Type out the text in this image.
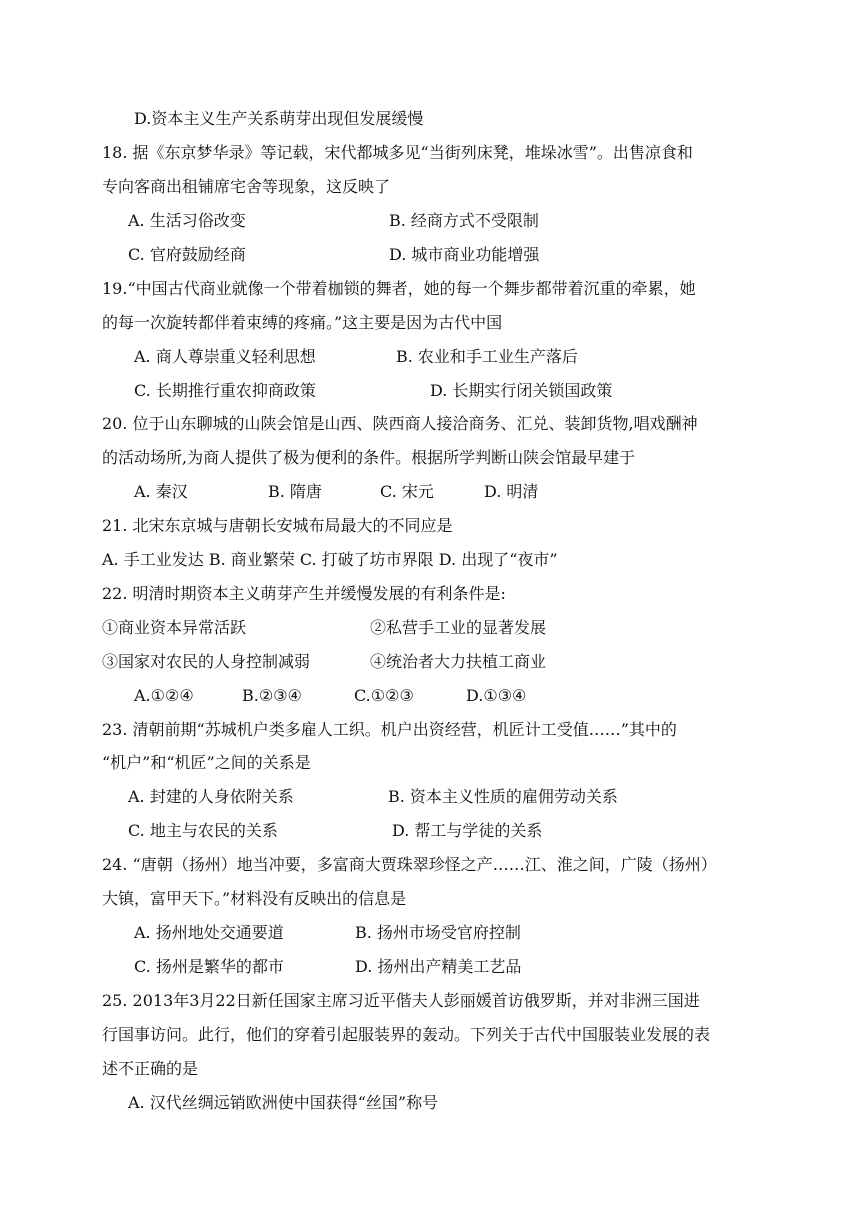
D.资本主义生产关系萌芽出现但发展缓慢
18. 据《东京梦华录》等记载，宋代都城多见“当街列床凳，堆垛冰雪”。出售凉食和
专向客商出租铺席宅舍等现象，这反映了
A. 生活习俗改变	B. 经商方式不受限制
C. 官府鼓励经商	D. 城市商业功能增强
19.“中国古代商业就像一个带着枷锁的舞者，她的每一个舞步都带着沉重的牵累，她
的每一次旋转都伴着束缚的疼痛。”这主要是因为古代中国
A. 商人尊崇重义轻利思想	B. 农业和手工业生产落后
C. 长期推行重农抑商政策	D. 长期实行闭关锁国政策
20. 位于山东聊城的山陕会馆是山西、陕西商人接洽商务、汇兑、装卸货物,唱戏酬神
的活动场所,为商人提供了极为便利的条件。根据所学判断山陕会馆最早建于
A. 秦汉	B. 隋唐	C. 宋元	D. 明清
21. 北宋东京城与唐朝长安城布局最大的不同应是
A. 手工业发达 B. 商业繁荣 C. 打破了坊市界限 D. 出现了“夜市”
22. 明清时期资本主义萌芽产生并缓慢发展的有利条件是:
①商业资本异常活跃	②私营手工业的显著发展
③国家对农民的人身控制减弱	④统治者大力扶植工商业
A.①②④	B.②③④	C.①②③	D.①③④
23. 清朝前期“苏城机户类多雇人工织。机户出资经营，机匠计工受值……”其中的
“机户”和“机匠”之间的关系是
A. 封建的人身依附关系	B. 资本主义性质的雇佣劳动关系
C. 地主与农民的关系	D. 帮工与学徒的关系
24. “唐朝（扬州）地当冲要，多富商大贾珠翠珍怪之产……江、淮之间，广陵（扬州）
大镇，富甲天下。”材料没有反映出的信息是
A. 扬州地处交通要道	B. 扬州市场受官府控制
C. 扬州是繁华的都市	D. 扬州出产精美工艺品
25. 2013年3月22日新任国家主席习近平偕夫人彭丽媛首访俄罗斯，并对非洲三国进
行国事访问。此行，他们的穿着引起服装界的轰动。下列关于古代中国服装业发展的表
述不正确的是
A. 汉代丝绸远销欧洲使中国获得“丝国”称号
